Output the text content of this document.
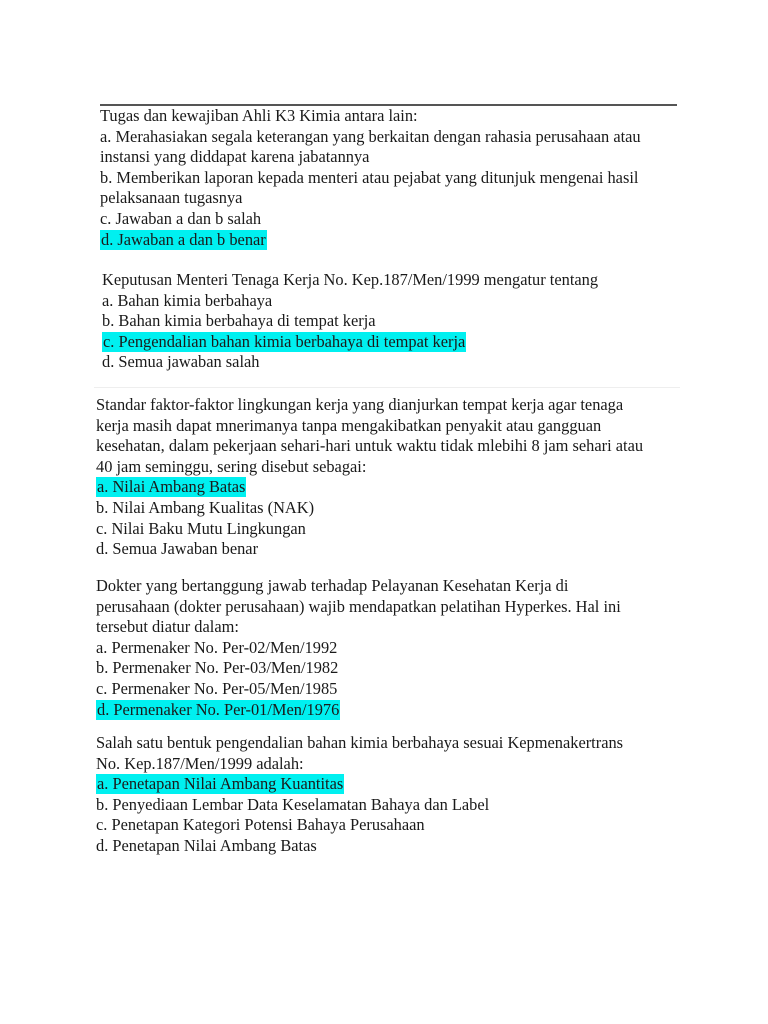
Tugas dan kewajiban Ahli K3 Kimia antara lain:
a. Merahasiakan segala keterangan yang berkaitan dengan rahasia perusahaan atau
instansi yang diddapat karena jabatannya
b. Memberikan laporan kepada menteri atau pejabat yang ditunjuk mengenai hasil
pelaksanaan tugasnya
c. Jawaban a dan b salah
d. Jawaban a dan b benar
Keputusan Menteri Tenaga Kerja No. Kep.187/Men/1999 mengatur tentang
a. Bahan kimia berbahaya
b. Bahan kimia berbahaya di tempat kerja
c. Pengendalian bahan kimia berbahaya di tempat kerja
d. Semua jawaban salah
Standar faktor-faktor lingkungan kerja yang dianjurkan tempat kerja agar tenaga
kerja masih dapat mnerimanya tanpa mengakibatkan penyakit atau gangguan
kesehatan, dalam pekerjaan sehari-hari untuk waktu tidak mlebihi 8 jam sehari atau
40 jam seminggu, sering disebut sebagai:
a. Nilai Ambang Batas
b. Nilai Ambang Kualitas (NAK)
c. Nilai Baku Mutu Lingkungan
d. Semua Jawaban benar
Dokter yang bertanggung jawab terhadap Pelayanan Kesehatan Kerja di
perusahaan (dokter perusahaan) wajib mendapatkan pelatihan Hyperkes. Hal ini
tersebut diatur dalam:
a. Permenaker No. Per-02/Men/1992
b. Permenaker No. Per-03/Men/1982
c. Permenaker No. Per-05/Men/1985
d. Permenaker No. Per-01/Men/1976
Salah satu bentuk pengendalian bahan kimia berbahaya sesuai Kepmenakertrans
No. Kep.187/Men/1999 adalah:
a. Penetapan Nilai Ambang Kuantitas
b. Penyediaan Lembar Data Keselamatan Bahaya dan Label
c. Penetapan Kategori Potensi Bahaya Perusahaan
d. Penetapan Nilai Ambang Batas
